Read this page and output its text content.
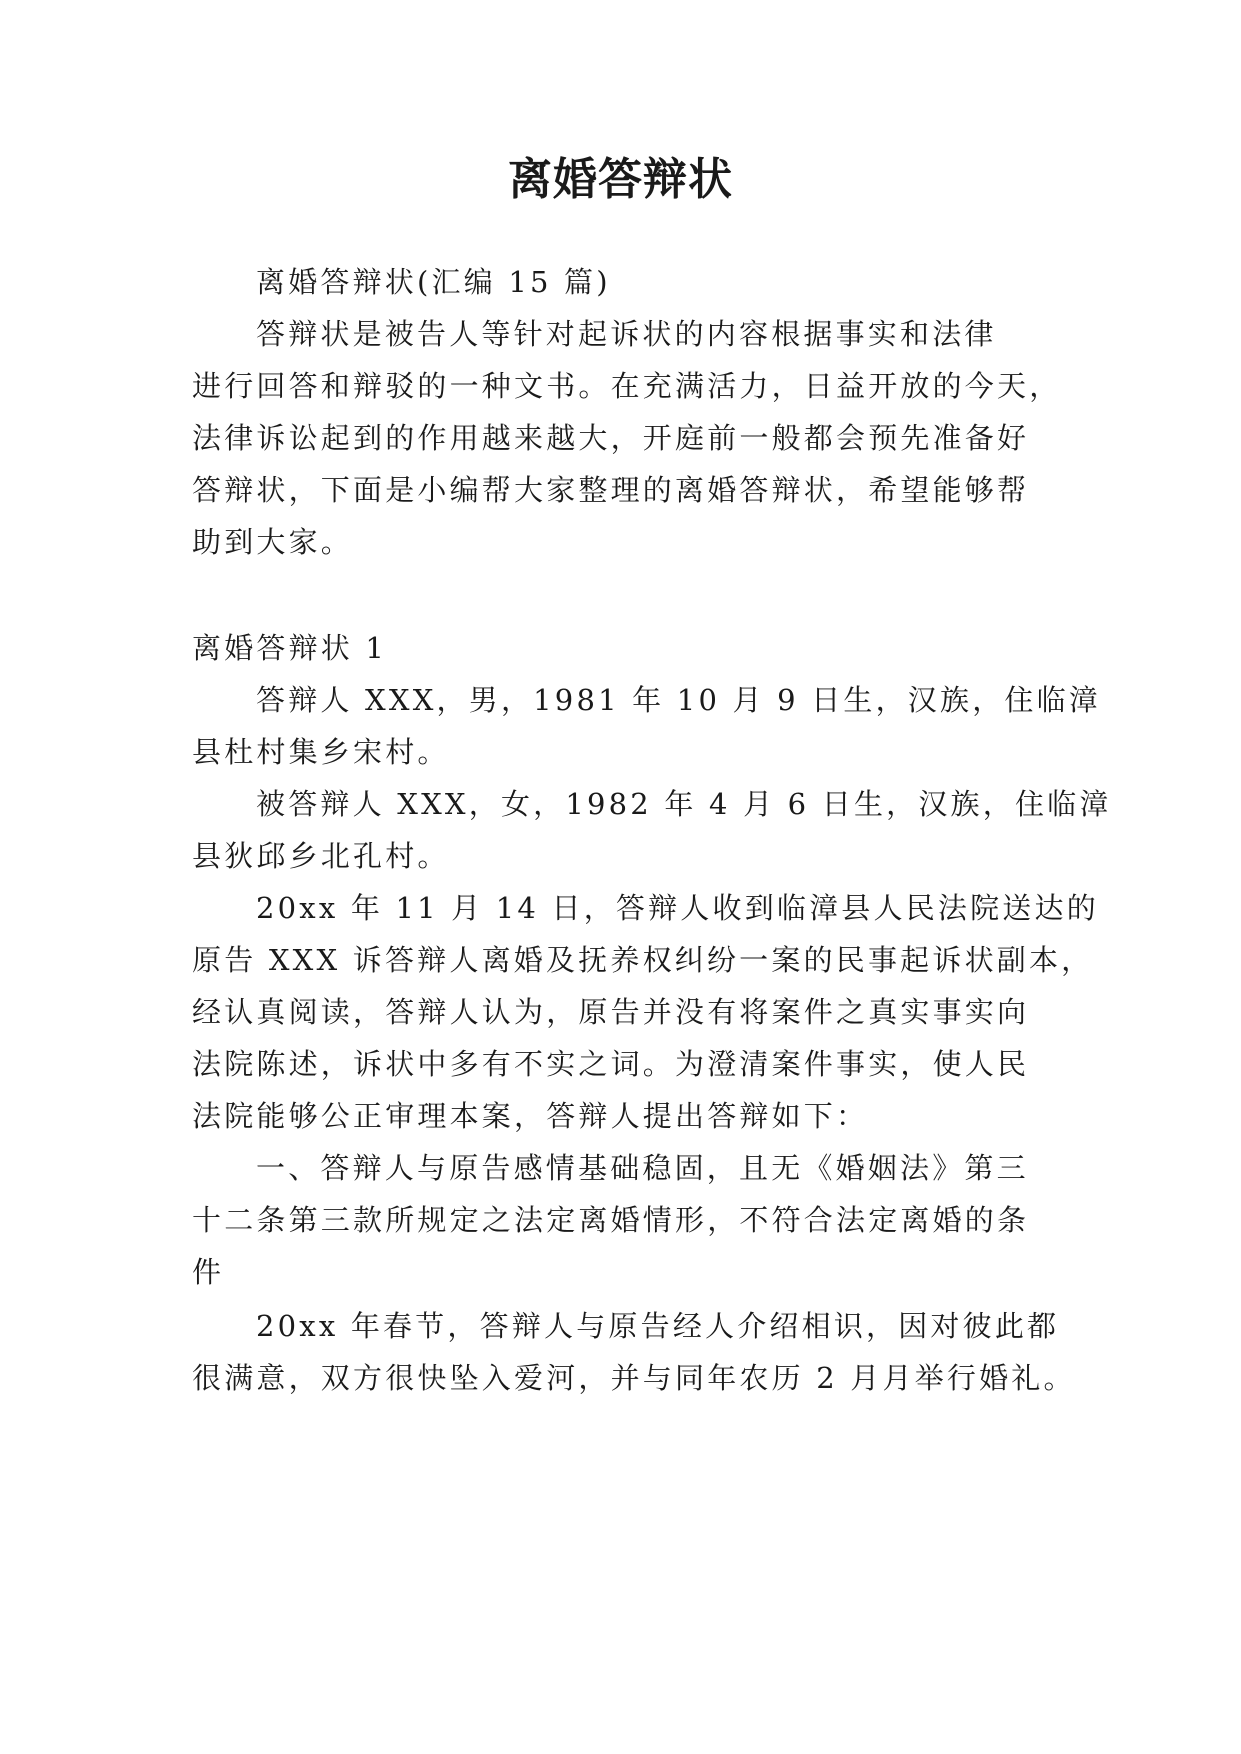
离婚答辩状

离婚答辩状(汇编 15 篇)

答辩状是被告人等针对起诉状的内容根据事实和法律

进行回答和辩驳的一种文书。在充满活力，日益开放的今天，

法律诉讼起到的作用越来越大，开庭前一般都会预先准备好

答辩状，下面是小编帮大家整理的离婚答辩状，希望能够帮

助到大家。

离婚答辩状 1

答辩人 XXX，男，1981 年 10 月 9 日生，汉族，住临漳

县杜村集乡宋村。

被答辩人 XXX，女，1982 年 4 月 6 日生，汉族，住临漳

县狄邱乡北孔村。

20xx 年 11 月 14 日，答辩人收到临漳县人民法院送达的

原告 XXX 诉答辩人离婚及抚养权纠纷一案的民事起诉状副本，

经认真阅读，答辩人认为，原告并没有将案件之真实事实向

法院陈述，诉状中多有不实之词。为澄清案件事实，使人民

法院能够公正审理本案，答辩人提出答辩如下：

一、答辩人与原告感情基础稳固，且无《婚姻法》第三

十二条第三款所规定之法定离婚情形，不符合法定离婚的条

件

20xx 年春节，答辩人与原告经人介绍相识，因对彼此都

很满意，双方很快坠入爱河，并与同年农历 2 月月举行婚礼。
